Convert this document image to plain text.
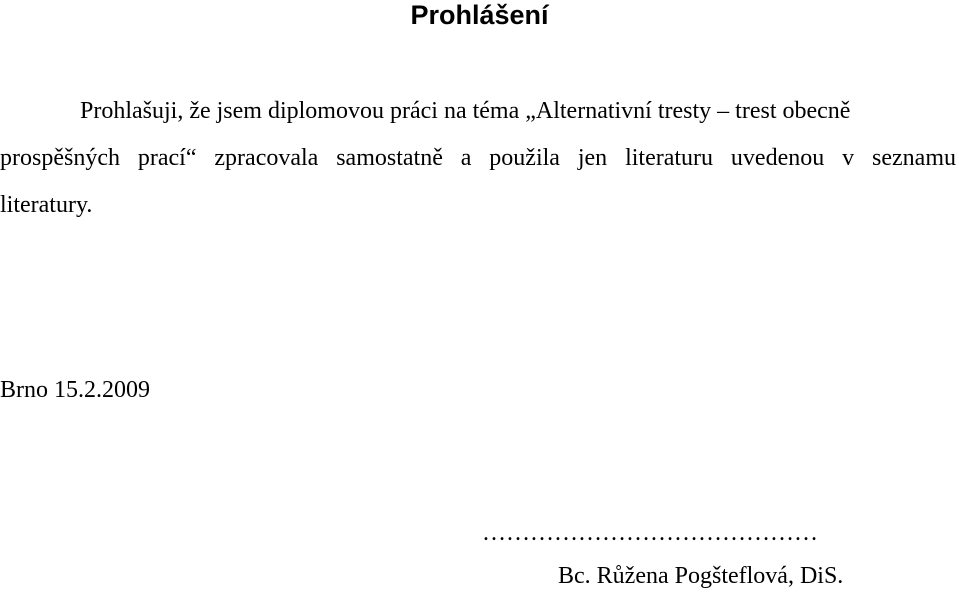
Prohlášení
Prohlašuji, že jsem diplomovou práci na téma „Alternativní tresty – trest obecně
prospěšných prací“ zpracovala samostatně a použila jen literaturu uvedenou v seznamu
literatury.
Brno 15.2.2009
……………………………………
Bc. Růžena Pogšteflová, DiS.
